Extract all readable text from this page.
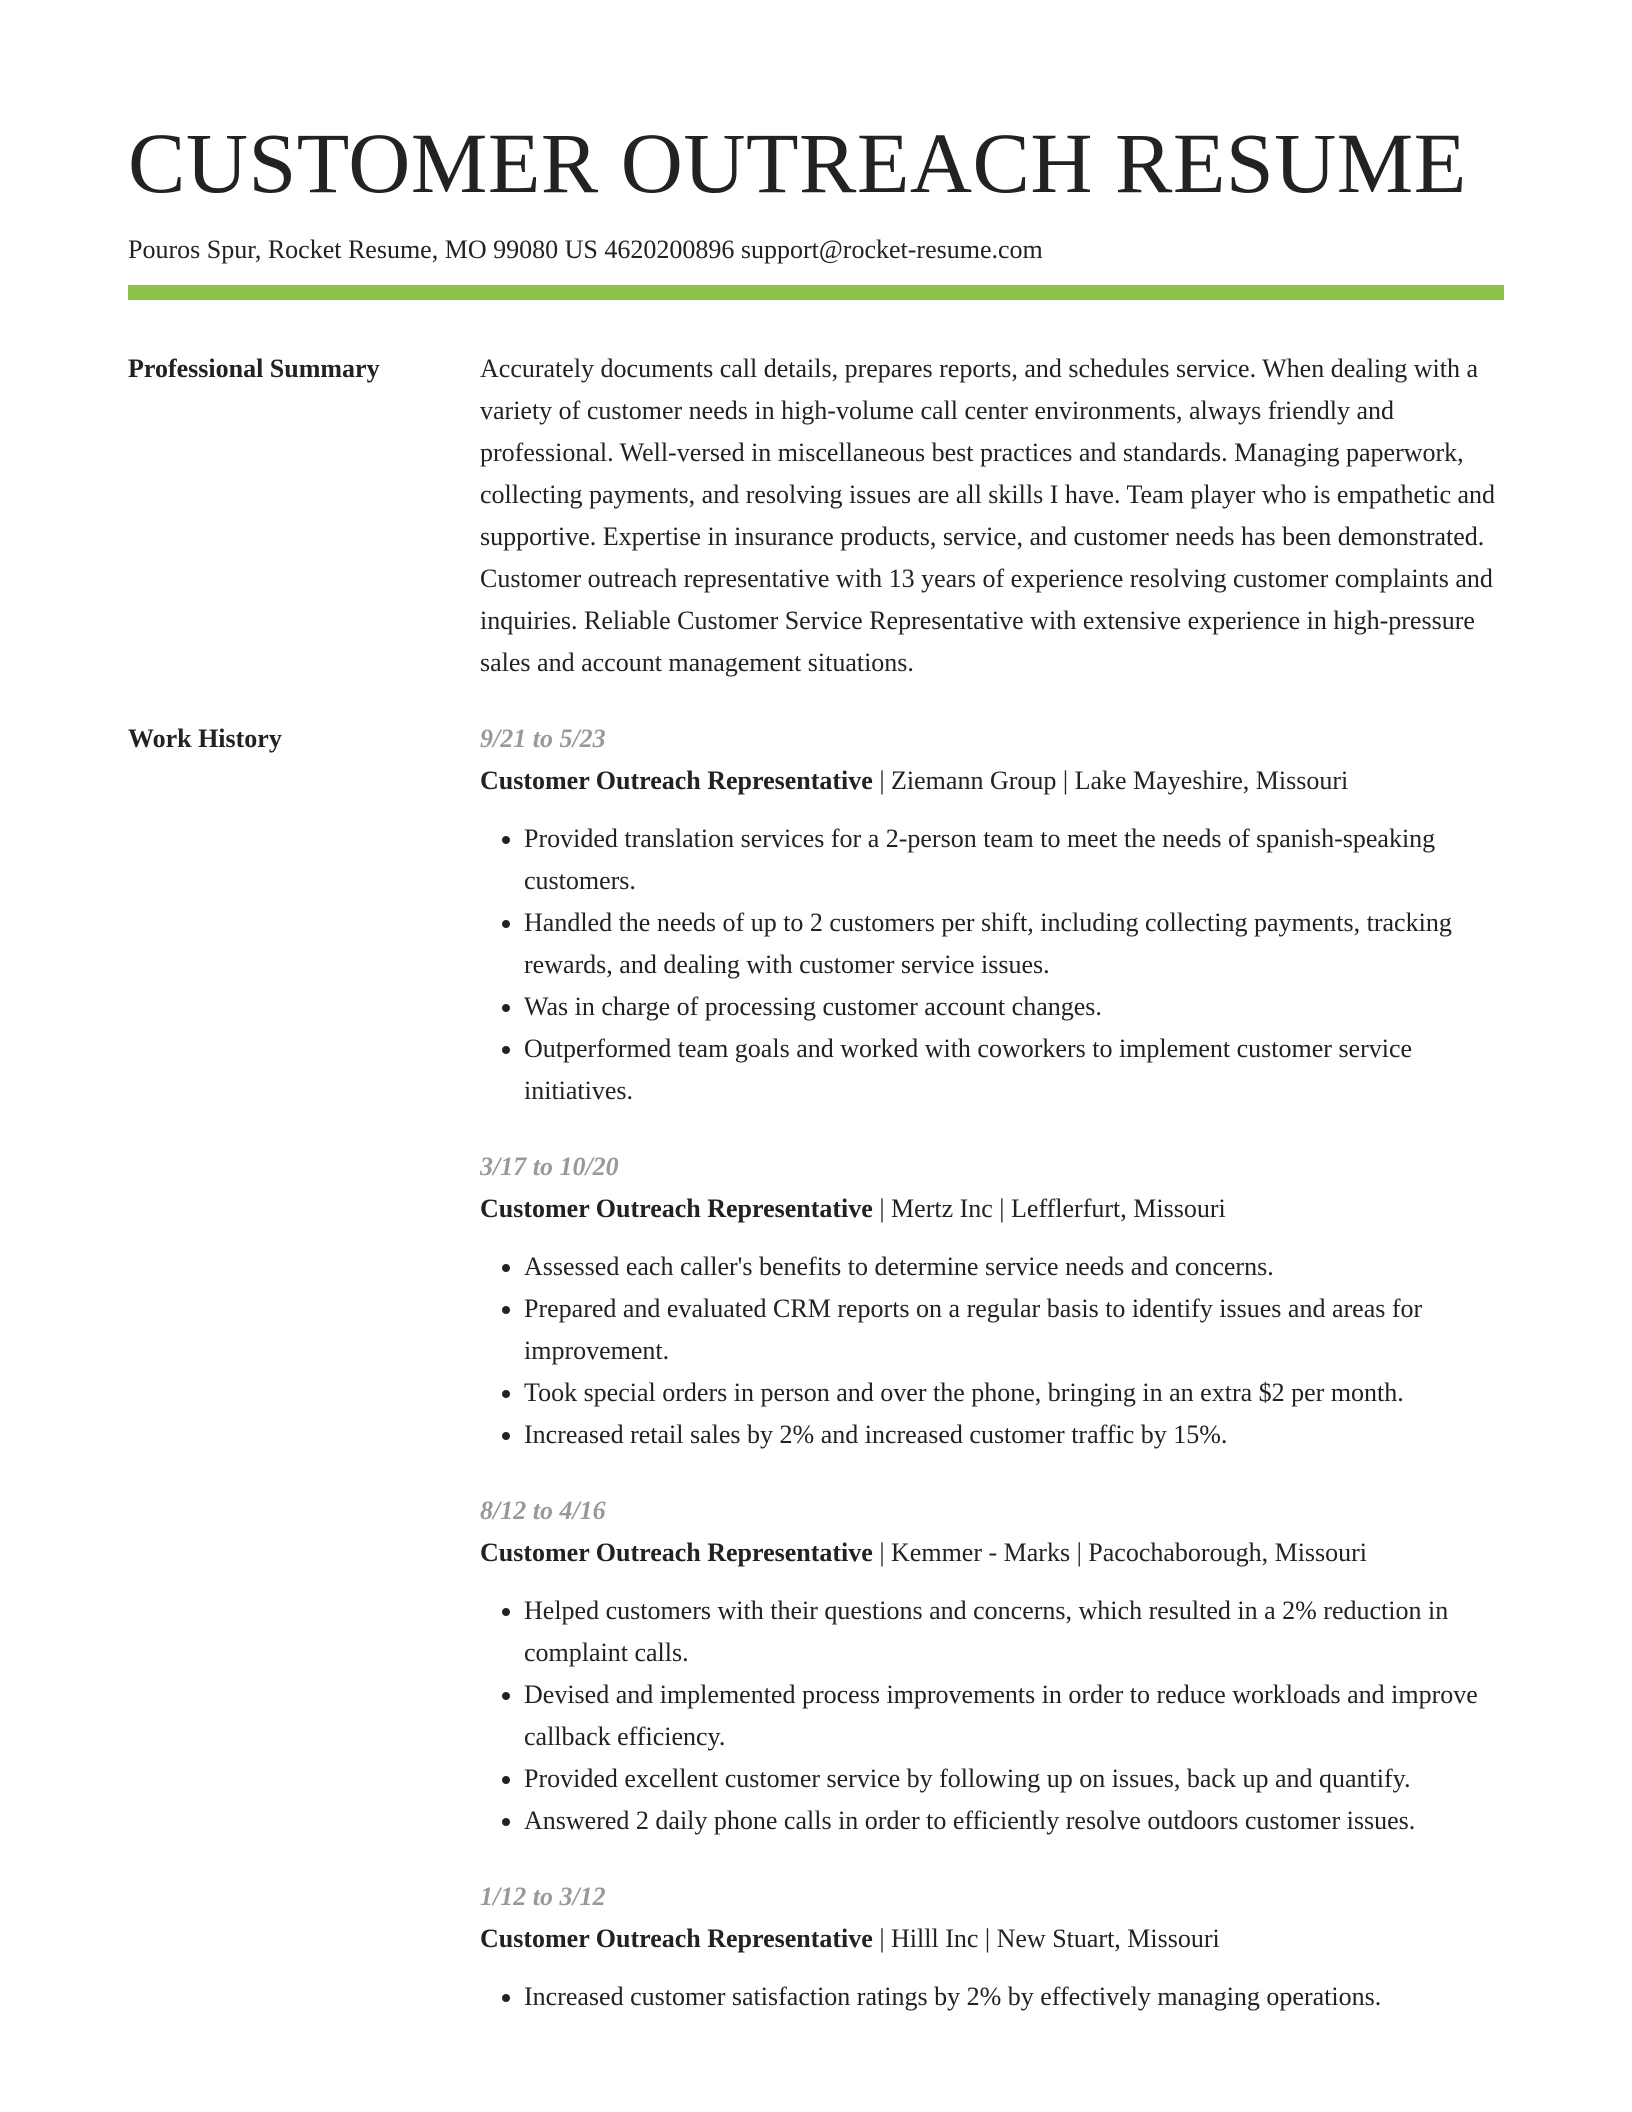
CUSTOMER OUTREACH RESUME
Pouros Spur, Rocket Resume, MO 99080 US 4620200896 support@rocket-resume.com
Professional Summary	Accurately documents call details, prepares reports, and schedules service. When dealing with a variety of customer needs in high-volume call center environments, always friendly and professional. Well-versed in miscellaneous best practices and standards. Managing paperwork, collecting payments, and resolving issues are all skills I have. Team player who is empathetic and supportive. Expertise in insurance products, service, and customer needs has been demonstrated. Customer outreach representative with 13 years of experience resolving customer complaints and inquiries. Reliable Customer Service Representative with extensive experience in high-pressure sales and account management situations.

Work History	9/21 to 5/23
Customer Outreach Representative | Ziemann Group | Lake Mayeshire, Missouri
• Provided translation services for a 2-person team to meet the needs of spanish-speaking customers.
• Handled the needs of up to 2 customers per shift, including collecting payments, tracking rewards, and dealing with customer service issues.
• Was in charge of processing customer account changes.
• Outperformed team goals and worked with coworkers to implement customer service initiatives.
3/17 to 10/20
Customer Outreach Representative | Mertz Inc | Lefflerfurt, Missouri
• Assessed each caller's benefits to determine service needs and concerns.
• Prepared and evaluated CRM reports on a regular basis to identify issues and areas for improvement.
• Took special orders in person and over the phone, bringing in an extra $2 per month.
• Increased retail sales by 2% and increased customer traffic by 15%.
8/12 to 4/16
Customer Outreach Representative | Kemmer - Marks | Pacochaborough, Missouri
• Helped customers with their questions and concerns, which resulted in a 2% reduction in complaint calls.
• Devised and implemented process improvements in order to reduce workloads and improve callback efficiency.
• Provided excellent customer service by following up on issues, back up and quantify.
• Answered 2 daily phone calls in order to efficiently resolve outdoors customer issues.
1/12 to 3/12
Customer Outreach Representative | Hilll Inc | New Stuart, Missouri
• Increased customer satisfaction ratings by 2% by effectively managing operations.
